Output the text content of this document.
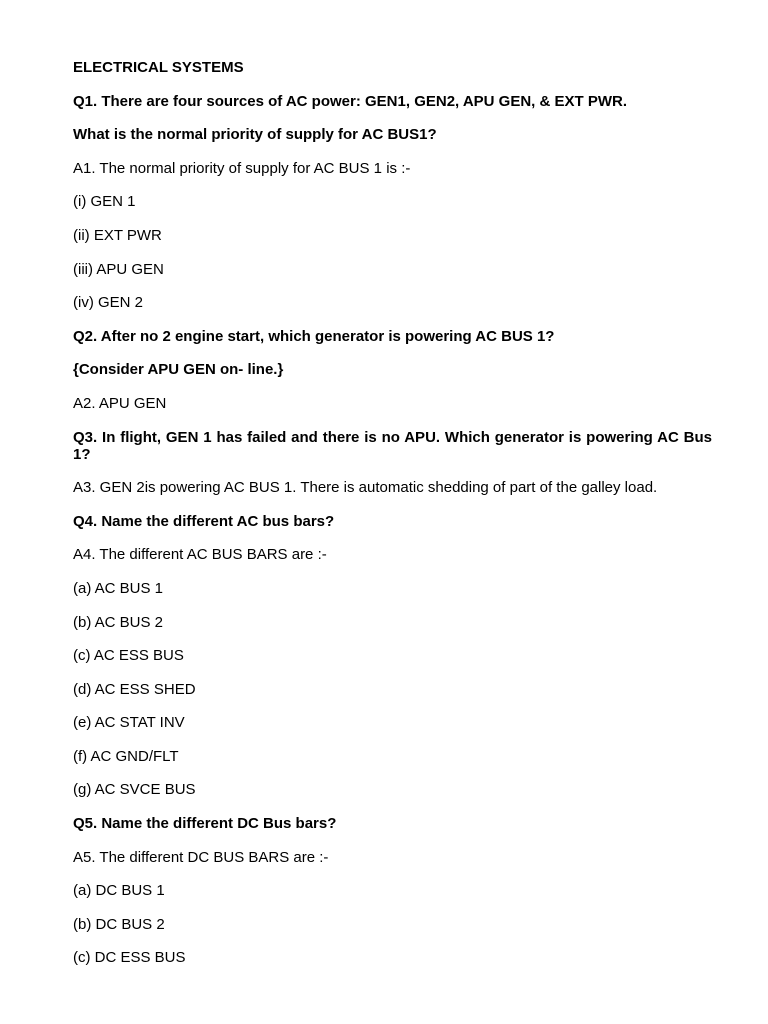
ELECTRICAL SYSTEMS
Q1. There are four sources of AC power: GEN1, GEN2, APU GEN, & EXT PWR.
What is the normal priority of supply for AC BUS1?
A1. The normal priority of supply for AC BUS 1 is :-
(i) GEN 1
(ii) EXT PWR
(iii) APU GEN
(iv) GEN 2
Q2. After no 2 engine start, which generator is powering AC BUS 1?
{Consider APU GEN on- line.}
A2. APU GEN
Q3. In flight, GEN 1 has failed and there is no APU. Which generator is powering AC Bus 1?
A3. GEN 2is powering AC BUS 1. There is automatic shedding of part of the galley load.
Q4. Name the different AC bus bars?
A4. The different AC BUS BARS are :-
(a) AC BUS 1
(b) AC BUS 2
(c) AC ESS BUS
(d) AC ESS SHED
(e) AC STAT INV
(f) AC GND/FLT
(g) AC SVCE BUS
Q5. Name the different DC Bus bars?
A5. The different DC BUS BARS are :-
(a) DC BUS 1
(b) DC BUS 2
(c) DC ESS BUS
